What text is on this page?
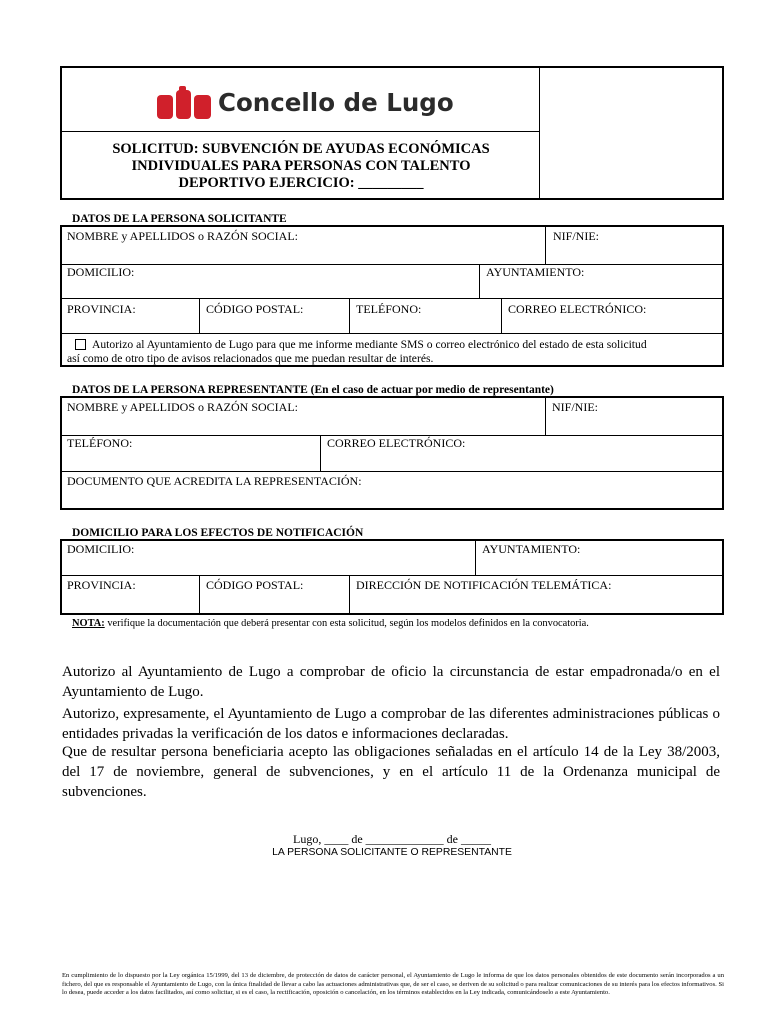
Concello de Lugo
SOLICITUD: SUBVENCIÓN DE AYUDAS ECONÓMICAS
INDIVIDUALES PARA PERSONAS CON TALENTO
DEPORTIVO EJERCICIO: _________
DATOS DE LA PERSONA SOLICITANTE
NOMBRE y APELLIDOS o RAZÓN SOCIAL:	NIF/NIE:
DOMICILIO:	AYUNTAMIENTO:
PROVINCIA:	CÓDIGO POSTAL:	TELÉFONO:	CORREO ELECTRÓNICO:
Autorizo al Ayuntamiento de Lugo para que me informe mediante SMS o correo electrónico del estado de esta solicitud
así como de otro tipo de avisos relacionados que me puedan resultar de interés.
DATOS DE LA PERSONA REPRESENTANTE (En el caso de actuar por medio de representante)
NOMBRE y APELLIDOS o RAZÓN SOCIAL:	NIF/NIE:
TELÉFONO:	CORREO ELECTRÓNICO:
DOCUMENTO QUE ACREDITA LA REPRESENTACIÓN:
DOMICILIO PARA LOS EFECTOS DE NOTIFICACIÓN
DOMICILIO:	AYUNTAMIENTO:
PROVINCIA:	CÓDIGO POSTAL:	DIRECCIÓN DE NOTIFICACIÓN TELEMÁTICA:
NOTA: verifique la documentación que deberá presentar con esta solicitud, según los modelos definidos en la convocatoria.
Autorizo al Ayuntamiento de Lugo a comprobar de oficio la circunstancia de estar empadronada/o en el Ayuntamiento de Lugo.
Autorizo, expresamente, el Ayuntamiento de Lugo a comprobar de las diferentes administraciones públicas o entidades privadas la verificación de los datos e informaciones declaradas.
Que de resultar persona beneficiaria acepto las obligaciones señaladas en el artículo 14 de la Ley 38/2003, del 17 de noviembre, general de subvenciones, y en el artículo 11 de la Ordenanza municipal de subvenciones.
Lugo, ____ de _____________ de _____
LA PERSONA SOLICITANTE O REPRESENTANTE
En cumplimiento de lo dispuesto por la Ley orgánica 15/1999, del 13 de diciembre, de protección de datos de carácter personal, el Ayuntamiento de Lugo le informa de que los datos personales obtenidos de este documento serán incorporados a un fichero, del que es responsable el Ayuntamiento de Lugo, con la única finalidad de llevar a cabo las actuaciones administrativas que, de ser el caso, se deriven de su solicitud o para realizar comunicaciones de su interés para los efectos informativos. Si lo desea, puede acceder a los datos facilitados, así como solicitar, si es el caso, la rectificación, oposición o cancelación, en los términos establecidos en la Ley indicada, comunicándoselo a este Ayuntamiento.
